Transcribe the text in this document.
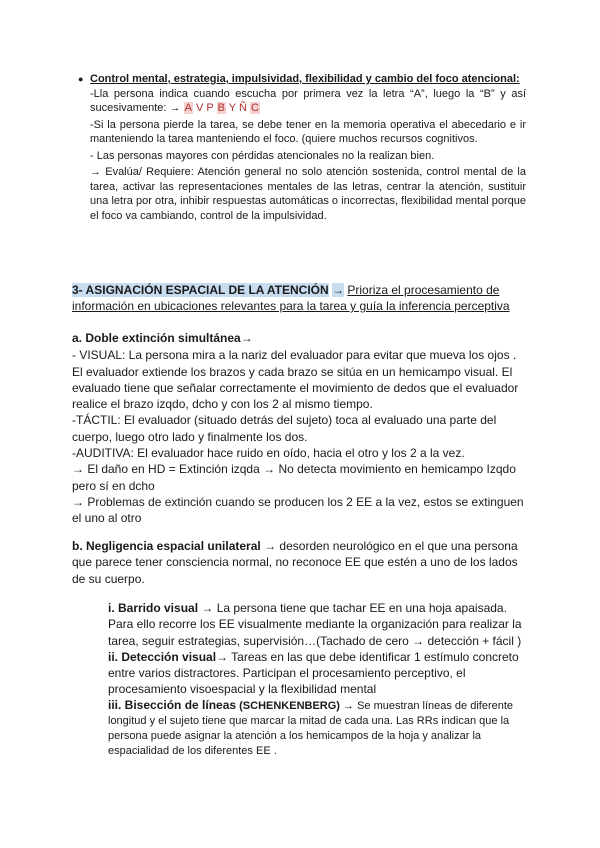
● Control mental, estrategia, impulsividad, flexibilidad y cambio del foco atencional:

-Lla persona indica cuando escucha por primera vez la letra “A”, luego la “B” y así sucesivamente: → A V P B Y Ñ C

-Si la persona pierde la tarea, se debe tener en la memoria operativa el abecedario e ir manteniendo la tarea manteniendo el foco. (quiere muchos recursos cognitivos.

- Las personas mayores con pérdidas atencionales no la realizan bien.

→ Evalúa/ Requiere: Atención general no solo atención sostenida, control mental de la tarea, activar las representaciones mentales de las letras, centrar la atención, sustituir una letra por otra, inhibir respuestas automáticas o incorrectas, flexibilidad mental porque el foco va cambiando, control de la impulsividad.

3- ASIGNACIÓN ESPACIAL DE LA ATENCIÓN → Prioriza el procesamiento de información en ubicaciones relevantes para la tarea y guía la inferencia perceptiva

a. Doble extinción simultánea→

- VISUAL: La persona mira a la nariz del evaluador para evitar que mueva los ojos . El evaluador extiende los brazos y cada brazo se sitúa en un hemicampo visual. El evaluado tiene que señalar correctamente el movimiento de dedos que el evaluador realice el brazo izqdo, dcho y con los 2 al mismo tiempo.

-TÁCTIL: El evaluador (situado detrás del sujeto) toca al evaluado una parte del cuerpo, luego otro lado y finalmente los dos.

-AUDITIVA: El evaluador hace ruido en oído, hacia el otro y los 2 a la vez.

→ El daño en HD = Extinción izqda → No detecta movimiento en hemicampo Izqdo pero sí en dcho

→ Problemas de extinción cuando se producen los 2 EE a la vez, estos se extinguen el uno al otro

b. Negligencia espacial unilateral → desorden neurológico en el que una persona que parece tener consciencia normal, no reconoce EE que estén a uno de los lados de su cuerpo.

i. Barrido visual → La persona tiene que tachar EE en una hoja apaisada. Para ello recorre los EE visualmente mediante la organización para realizar la tarea, seguir estrategias, supervisión…(Tachado de cero → detección + fácil )

ii. Detección visual→ Tareas en las que debe identificar 1 estímulo concreto entre varios distractores. Participan el procesamiento perceptivo, el procesamiento visoespacial y la flexibilidad mental

iii. Bisección de líneas (SCHENKENBERG) → Se muestran líneas de diferente longitud y el sujeto tiene que marcar la mitad de cada una. Las RRs indican que la persona puede asignar la atención a los hemicampos de la hoja y analizar la espacialidad de los diferentes EE .
